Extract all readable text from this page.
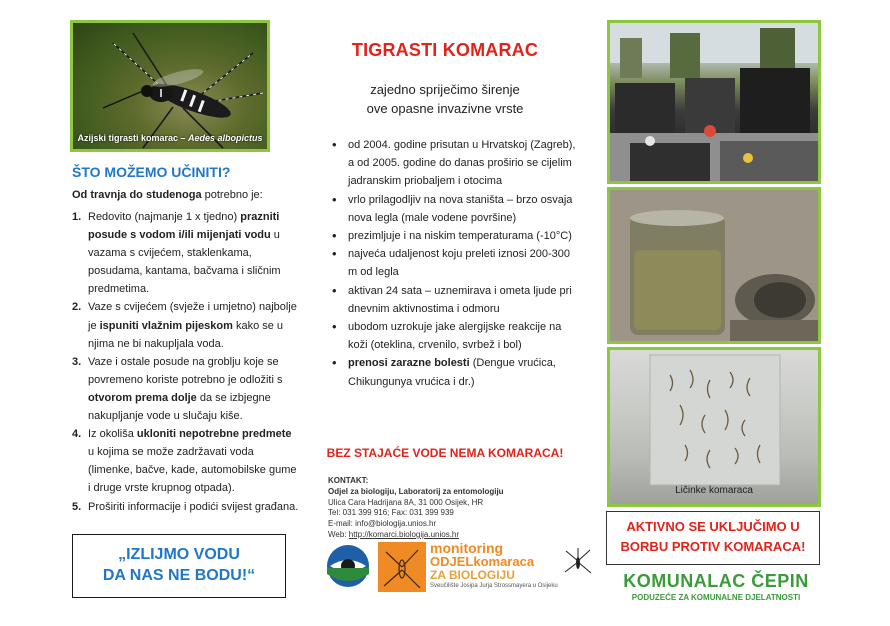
Azijski tigrasti komarac – Aedes albopictus
ŠTO MOŽEMO UČINITI?
Od travnja do studenoga potrebno je:
1. Redovito (najmanje 1 x tjedno) prazniti posude s vodom i/ili mijenjati vodu u vazama s cvijećem, staklenkama, posudama, kantama, bačvama i sličnim predmetima.
2. Vaze s cvijećem (svježe i umjetno) najbolje je ispuniti vlažnim pijeskom kako se u njima ne bi nakupljala voda.
3. Vaze i ostale posude na groblju koje se povremeno koriste potrebno je odložiti s otvorom prema dolje da se izbjegne nakupljanje vode u slučaju kiše.
4. Iz okoliša ukloniti nepotrebne predmete u kojima se može zadržavati voda (limenke, bačve, kade, automobilske gume i druge vrste krupnog otpada).
5. Proširiti informacije i podići svijest građana.
„IZLIJMO VODU
DA NAS NE BODU!“
TIGRASTI KOMARAC
zajedno spriječimo širenje
ove opasne invazivne vrste
• od 2004. godine prisutan u Hrvatskoj (Zagreb), a od 2005. godine do danas proširio se cijelim jadranskim priobaljem i otocima
• vrlo prilagodljiv na nova staništa – brzo osvaja nova legla (male vodene površine)
• prezimljuje i na niskim temperaturama (-10°C)
• najveća udaljenost koju preleti iznosi 200-300 m od legla
• aktivan 24 sata – uznemirava i ometa ljude pri dnevnim aktivnostima i odmoru
• ubodom uzrokuje jake alergijske reakcije na koži (oteklina, crvenilo, svrbež i bol)
• prenosi zarazne bolesti (Dengue vrućica, Chikungunya vrućica i dr.)
BEZ STAJAĆE VODE NEMA KOMARACA!
KONTAKT:
Odjel za biologiju, Laboratorij za entomologiju
Ulica Cara Hadrijana 8A, 31 000 Osijek, HR
Tel: 031 399 916; Fax: 031 399 939
E-mail: info@biologija.unios.hr
Web: http://komarci.biologija.unios.hr
monitoring
ODJELkomaraca
ZA BIOLOGIJU
Sveučilište Josipa Jurja Strossmayera u Osijeku
Ličinke komaraca
AKTIVNO SE UKLJUČIMO U
BORBU PROTIV KOMARACA!
KOMUNALAC ČEPIN
PODUZEĆE ZA KOMUNALNE DJELATNOSTI
